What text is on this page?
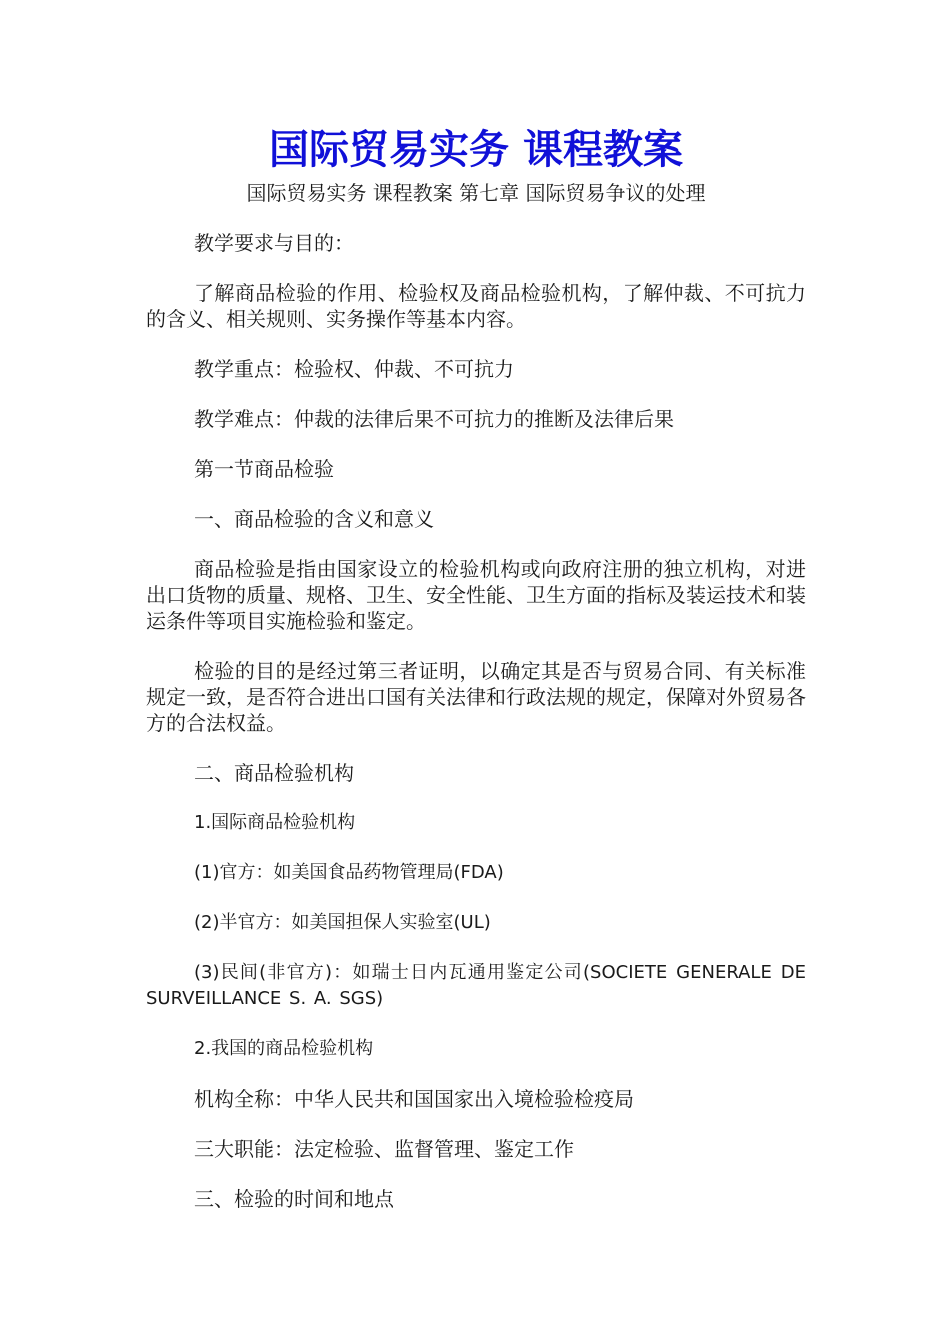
国际贸易实务 课程教案

国际贸易实务 课程教案 第七章 国际贸易争议的处理

教学要求与目的：

了解商品检验的作用、检验权及商品检验机构，了解仲裁、不可抗力的含义、相关规则、实务操作等基本内容。

教学重点：检验权、仲裁、不可抗力

教学难点：仲裁的法律后果不可抗力的推断及法律后果

第一节商品检验

一、商品检验的含义和意义

商品检验是指由国家设立的检验机构或向政府注册的独立机构，对进出口货物的质量、规格、卫生、安全性能、卫生方面的指标及装运技术和装运条件等项目实施检验和鉴定。

检验的目的是经过第三者证明，以确定其是否与贸易合同、有关标准规定一致，是否符合进出口国有关法律和行政法规的规定，保障对外贸易各方的合法权益。

二、商品检验机构

1.国际商品检验机构

(1)官方：如美国食品药物管理局(FDA)

(2)半官方：如美国担保人实验室(UL)

(3)民间(非官方)：如瑞士日内瓦通用鉴定公司(SOCIETE GENERALE DE SURVEILLANCE S. A. SGS)

2.我国的商品检验机构

机构全称：中华人民共和国国家出入境检验检疫局

三大职能：法定检验、监督管理、鉴定工作

三、检验的时间和地点
